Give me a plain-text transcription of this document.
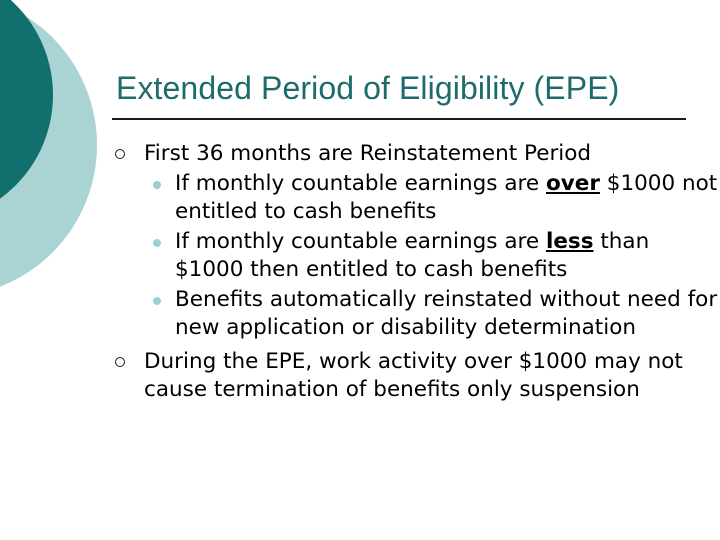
Extended Period of Eligibility (EPE)
First 36 months are Reinstatement Period
If monthly countable earnings are over $1000 not entitled to cash benefits
If monthly countable earnings are less than $1000 then entitled to cash benefits
Benefits automatically reinstated without need for new application or disability determination
During the EPE, work activity over $1000 may not cause termination of benefits only suspension
